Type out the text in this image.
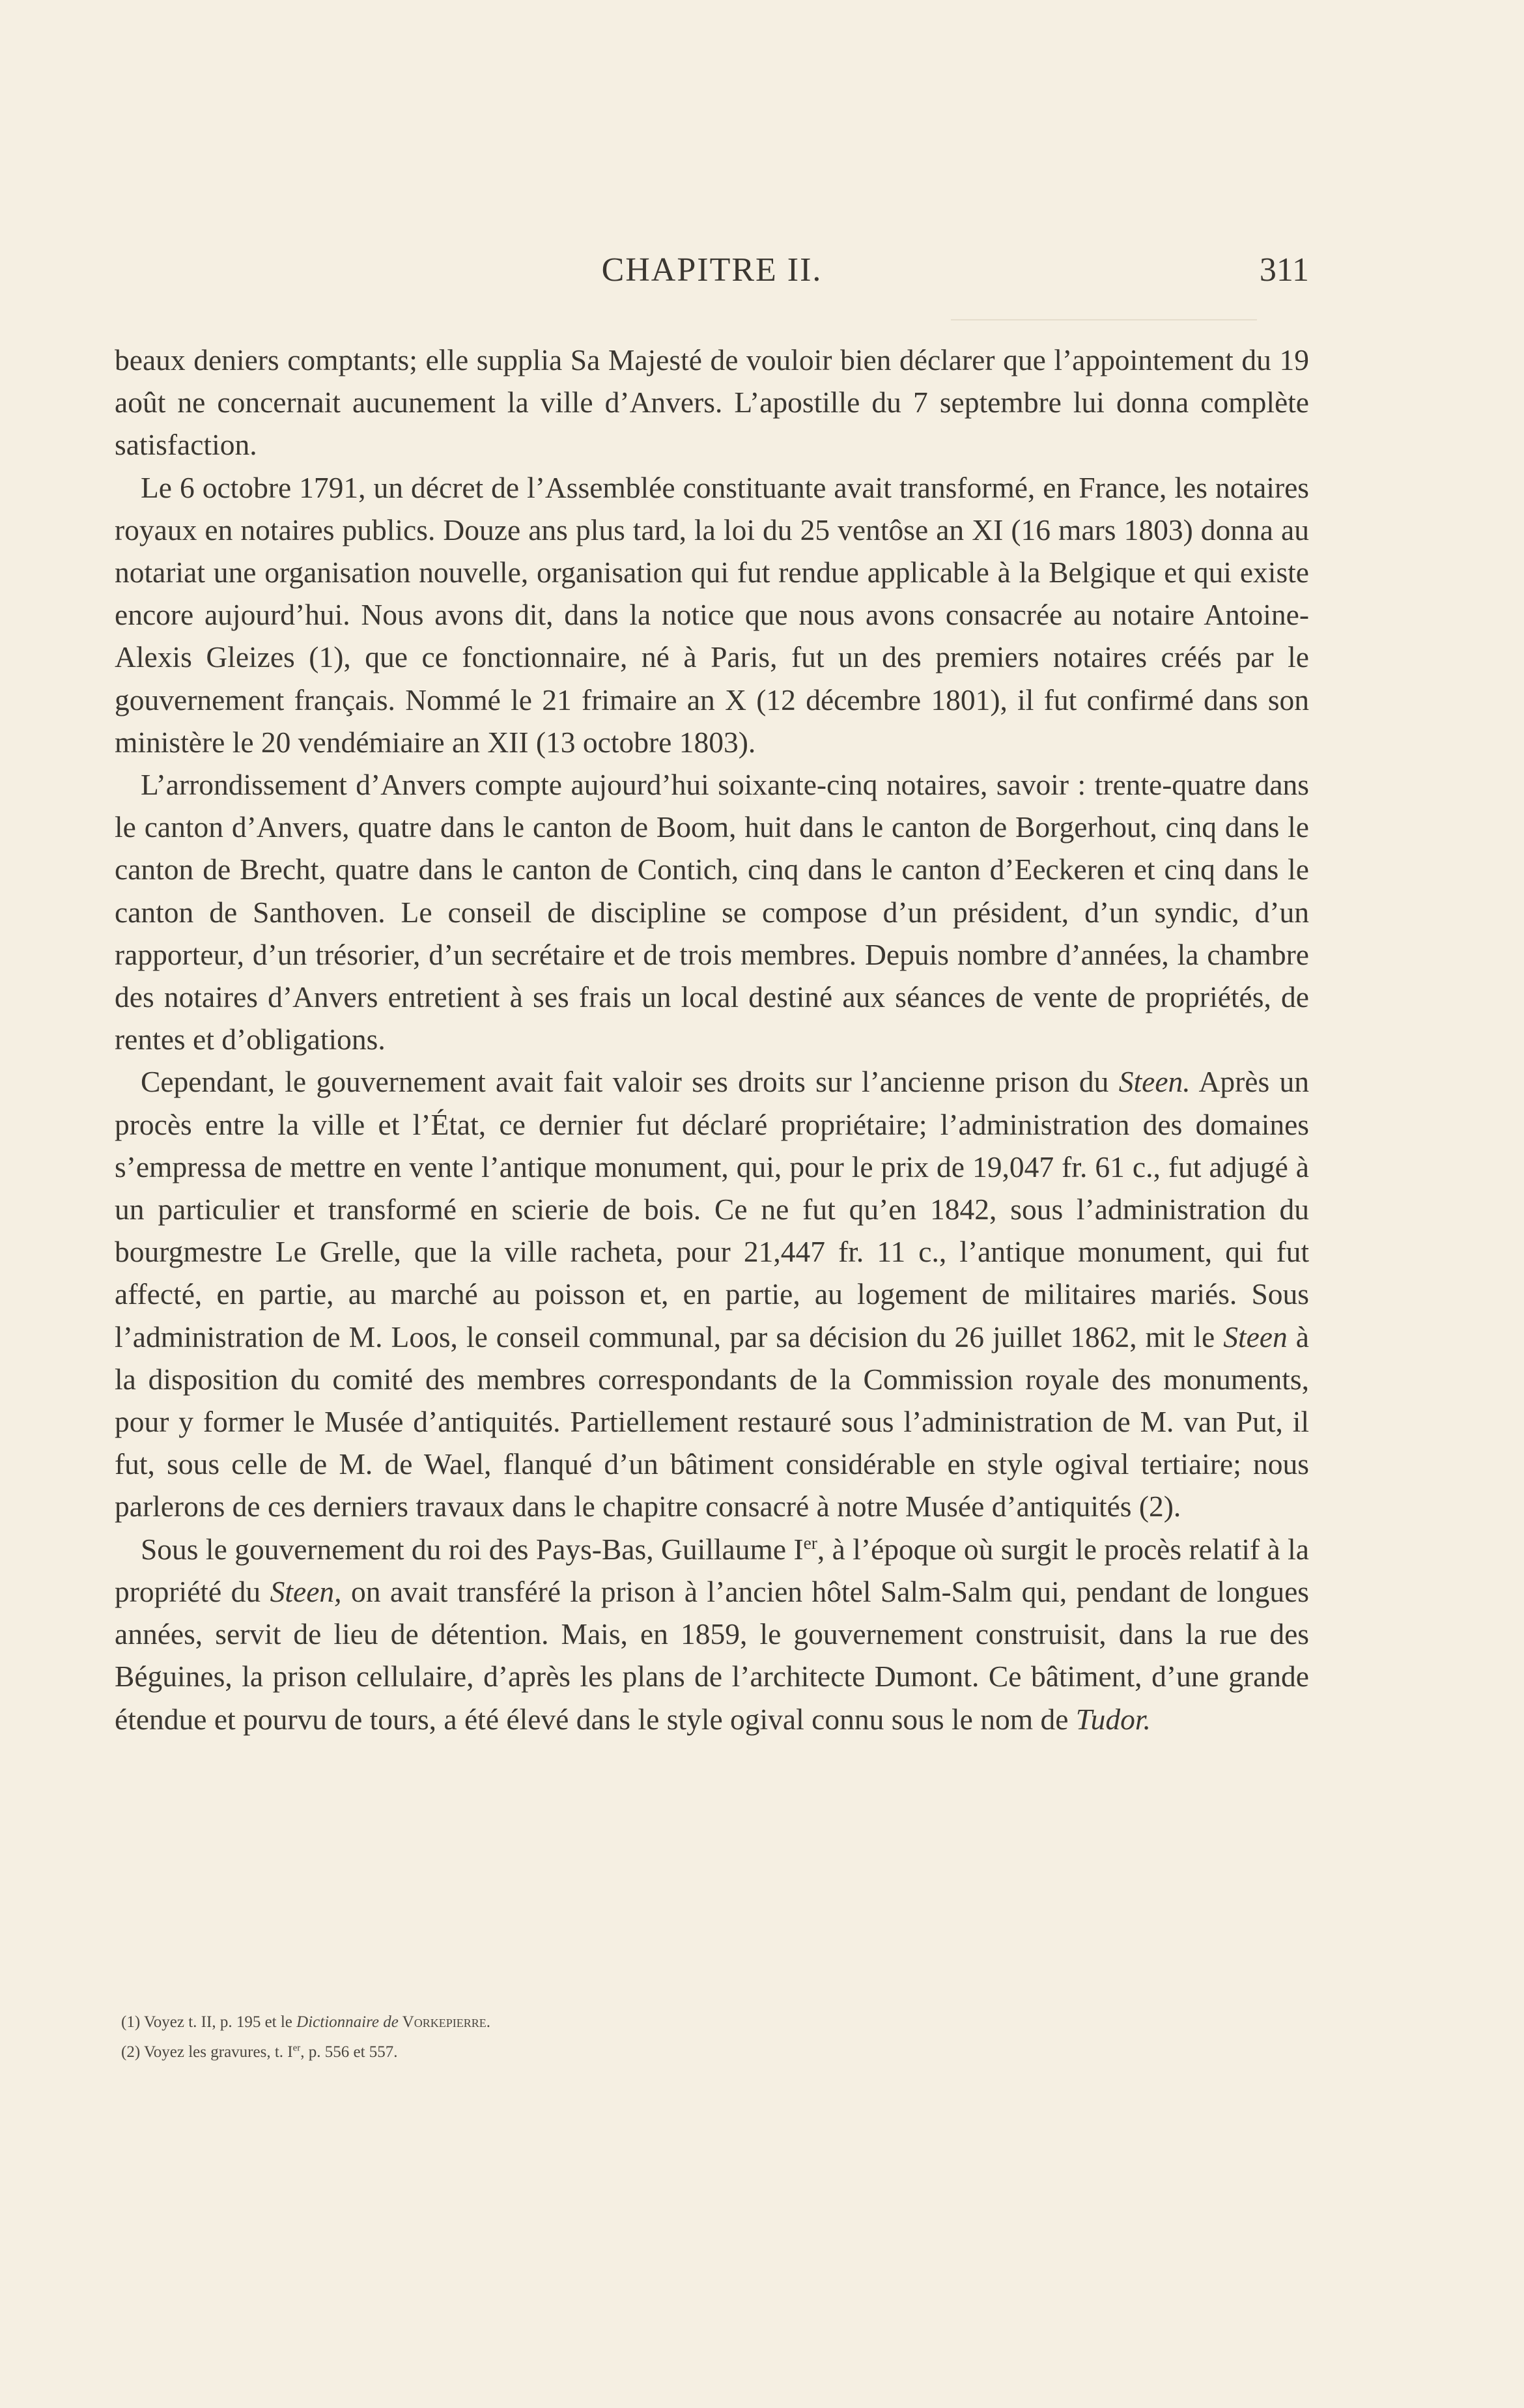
CHAPITRE II.	311

beaux deniers comptants; elle supplia Sa Majesté de vouloir bien déclarer que l’appointement du 19 août ne concernait aucunement la ville d’Anvers. L’apostille du 7 septembre lui donna complète satisfaction.

Le 6 octobre 1791, un décret de l’Assemblée constituante avait transformé, en France, les notaires royaux en notaires publics. Douze ans plus tard, la loi du 25 ventôse an XI (16 mars 1803) donna au notariat une organisation nouvelle, organisation qui fut rendue applicable à la Belgique et qui existe encore aujourd’hui. Nous avons dit, dans la notice que nous avons consacrée au notaire Antoine-Alexis Gleizes (1), que ce fonctionnaire, né à Paris, fut un des premiers notaires créés par le gouvernement français. Nommé le 21 frimaire an X (12 décembre 1801), il fut confirmé dans son ministère le 20 vendémiaire an XII (13 octobre 1803).

L’arrondissement d’Anvers compte aujourd’hui soixante-cinq notaires, savoir : trente-quatre dans le canton d’Anvers, quatre dans le canton de Boom, huit dans le canton de Borgerhout, cinq dans le canton de Brecht, quatre dans le canton de Contich, cinq dans le canton d’Eeckeren et cinq dans le canton de Santhoven. Le conseil de discipline se compose d’un président, d’un syndic, d’un rapporteur, d’un trésorier, d’un secrétaire et de trois membres. Depuis nombre d’années, la chambre des notaires d’Anvers entretient à ses frais un local destiné aux séances de vente de propriétés, de rentes et d’obligations.

Cependant, le gouvernement avait fait valoir ses droits sur l’ancienne prison du Steen. Après un procès entre la ville et l’État, ce dernier fut déclaré propriétaire; l’administration des domaines s’empressa de mettre en vente l’antique monument, qui, pour le prix de 19,047 fr. 61 c., fut adjugé à un particulier et transformé en scierie de bois. Ce ne fut qu’en 1842, sous l’administration du bourgmestre Le Grelle, que la ville racheta, pour 21,447 fr. 11 c., l’antique monument, qui fut affecté, en partie, au marché au poisson et, en partie, au logement de militaires mariés. Sous l’administration de M. Loos, le conseil communal, par sa décision du 26 juillet 1862, mit le Steen à la disposition du comité des membres correspondants de la Commission royale des monuments, pour y former le Musée d’antiquités. Partiellement restauré sous l’administration de M. van Put, il fut, sous celle de M. de Wael, flanqué d’un bâtiment considérable en style ogival tertiaire; nous parlerons de ces derniers travaux dans le chapitre consacré à notre Musée d’antiquités (2).

Sous le gouvernement du roi des Pays-Bas, Guillaume Ier, à l’époque où surgit le procès relatif à la propriété du Steen, on avait transféré la prison à l’ancien hôtel Salm-Salm qui, pendant de longues années, servit de lieu de détention. Mais, en 1859, le gouvernement construisit, dans la rue des Béguines, la prison cellulaire, d’après les plans de l’architecte Dumont. Ce bâtiment, d’une grande étendue et pourvu de tours, a été élevé dans le style ogival connu sous le nom de Tudor.

(1) Voyez t. II, p. 195 et le Dictionnaire de Vorkepierre.

(2) Voyez les gravures, t. Ier, p. 556 et 557.
